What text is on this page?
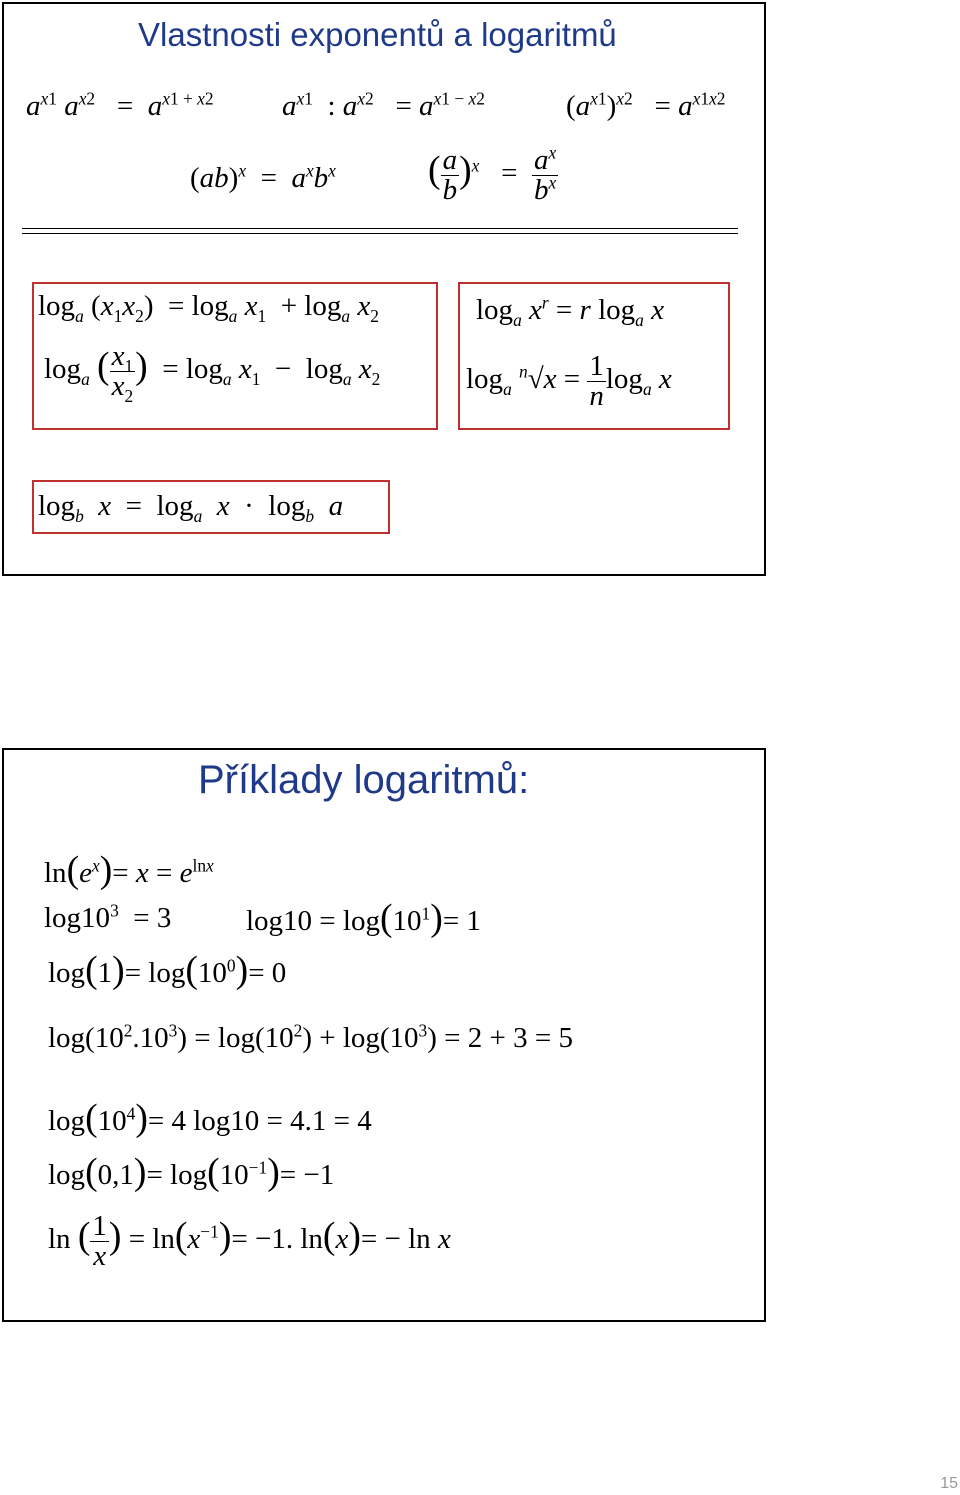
Vlastnosti exponentů a logaritmů
$a^{x1}$ $a^{x2} = a^{x1 + x2}$ $a^{x1}$  : $a^{x2} = a^{x1 - x2}$	$(a^{x1})^{x2} = a^{x1x2}$
$(ab)^x = a^xb^x$ ( $\frac{a}{b} )^x = \frac{a^x}{b^x}$
$\log_a (x_1x_2) = \log_a x_1 + \log_a x_2$
$\log_a$ ( $\frac{x_1}{x_2}$ )  = $\log_a x_1 - \log_a x_2$
$\log_a x^r = r$ $\log_a x$
$\log_a ^n√x = \frac{1}{n} \log_a x$
$\log_b x = \log_a x \cdot \log_b a$
Příklady logaritmů:
$\ln(e^x)= x = e^{lnx}$
$\log 10^3 = 3$	$\log 10 = \log(10^1)= 1$
$\log(1)= \log(10^0)= 0$
$\log(10^2.10^3) = \log(10^2) + \log(10^3) = 2 + 3 = 5$
$\log(10^4)= 4$ log10 = 4.1 = 4
$\log(0,1)= \log(10^{-1})= -1$
ln ( $\frac{1}{x}$ ) = $\ln(x^{-1})= -1$. ln(x)= − ln x
15
